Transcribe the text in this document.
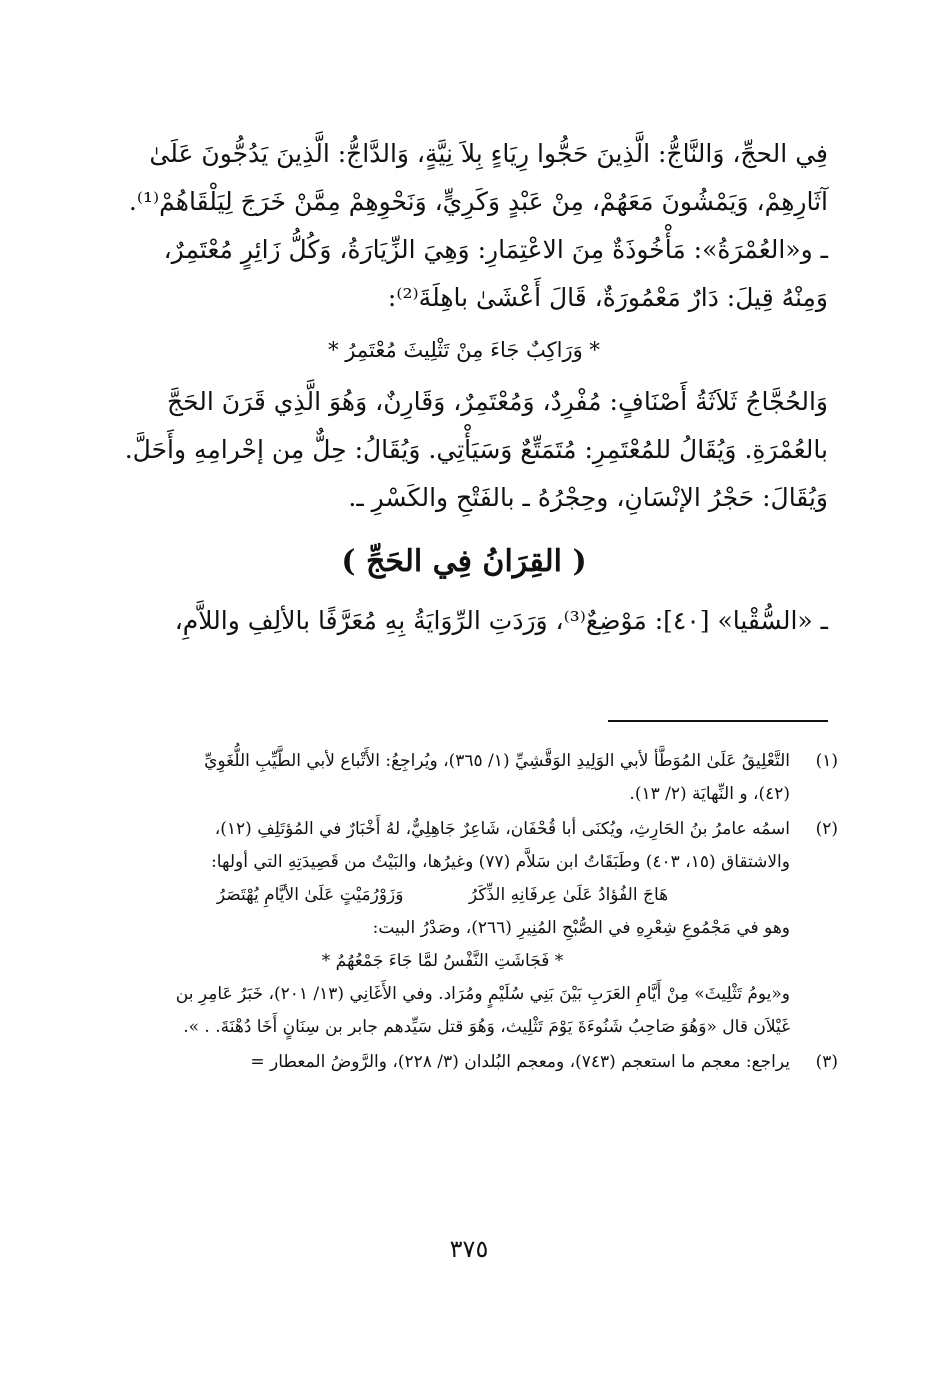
فِي الحجِّ، وَالنَّاجُّ: الَّذِينَ حَجُّوا رِيَاءٍ بِلاَ نِيَّةٍ، وَالدَّاجُّ: الَّذِينَ يَدُجُّونَ عَلَىٰ
آثَارِهِمْ، وَيَمْشُونَ مَعَهُمْ، مِنْ عَبْدٍ وَكَرِيٍّ، وَنَحْوِهِمْ مِمَّنْ خَرَجَ لِيَلْقَاهُمْ⁽¹⁾.
ـ و«العُمْرَةُ»: مَأْخُوذَةٌ مِنَ الاعْتِمَارِ: وَهِيَ الزِّيَارَةُ، وَكُلُّ زَائِرٍ مُعْتَمِرٌ،
وَمِنْهُ قِيلَ: دَارٌ مَعْمُورَةٌ، قَالَ أَعْشَىٰ باهِلَةَ⁽²⁾:
* وَرَاكِبٌ جَاءَ مِنْ تَثْلِيثَ مُعْتَمِرُ *
وَالحُجَّاجُ ثَلاَثَةُ أَصْنَافٍ: مُفْرِدٌ، وَمُعْتَمِرٌ، وَقَارِنٌ، وَهُوَ الَّذِي قَرَنَ الحَجَّ
بالعُمْرَةِ. وَيُقَالُ للمُعْتَمِرِ: مُتَمَتِّعٌ وَسَيَأْتِي. وَيُقَالُ: حِلٌّ مِن إحْرامِهِ وأَحَلَّ.
وَيُقَالَ: حَجْرُ الإنْسَانِ، وحِجْرُهُ ـ بالفَتْحِ والكَسْرِ ـ.
( القِرَانُ فِي الحَجِّ )
ـ «السُّقْيا» [٤٠]: مَوْضِعٌ⁽³⁾، وَرَدَتِ الرِّوَايَةُ بِهِ مُعَرَّفًا بالألِفِ واللاَّمِ،
(١)
التَّعْلِيقُ عَلَىٰ المُوَطَّأ لأبي الوَلِيدِ الوَقَّشِيِّ (١/ ٣٦٥)، ويُراجِعُ: الأَتْباع لأبي الطَّيِّبِ اللُّغَوِيِّ
(٤٢)، و النِّهايَة (٢/ ١٣).
(٢)
اسمُه عامرُ بنُ الحَارِثِ، ويُكنَى أبا قُحْفَان، شَاعِرٌ جَاهِلِيٌّ، لهُ أَخْبَارٌ في المُؤتَلِفِ (١٢)،
والاشتقاق (١٥، ٤٠٣) وطَبَقَاتُ ابن سَلاَّم (٧٧) وغيرُها، والبَيْتُ من قَصِيدَتِهِ التي أولها:
هَاجَ الفُؤادُ عَلَىٰ عِرفَانِهِ الذِّكَرُ وَزَوْرُمَيْتٍ عَلَىٰ الأيَّامِ يُهْتَصَرُ
وهو في مَجْمُوعِ شِعْرِهِ في الصُّبْحِ المُنِيرِ (٢٦٦)، وصَدْرُ البيت:
* فَجَاشَتِ النَّفْسُ لمَّا جَاءَ جَمْعُهُمُ *
و«يومُ تَثْلِيثَ» مِنْ أَيَّامِ العَرَبِ بَيْنَ بَنِي سُلَيْمٍ ومُرَاد. وفي الأَغَانِي (١٣/ ٢٠١)، خَبَرُ عَامِرِ بن
غَيْلاَن قال «وَهُوَ صَاحِبُ شَنُوءَةَ يَوْمَ تَثْلِيث، وَهُوَ قتل سَيِّدهم جابر بن سِنَانٍ أَخَا دُهْنَةَ. . ».
(٣)
يراجع: معجم ما استعجم (٧٤٣)، ومعجم البُلدان (٣/ ٢٢٨)، والرَّوضُ المعطار =
٣٧٥
